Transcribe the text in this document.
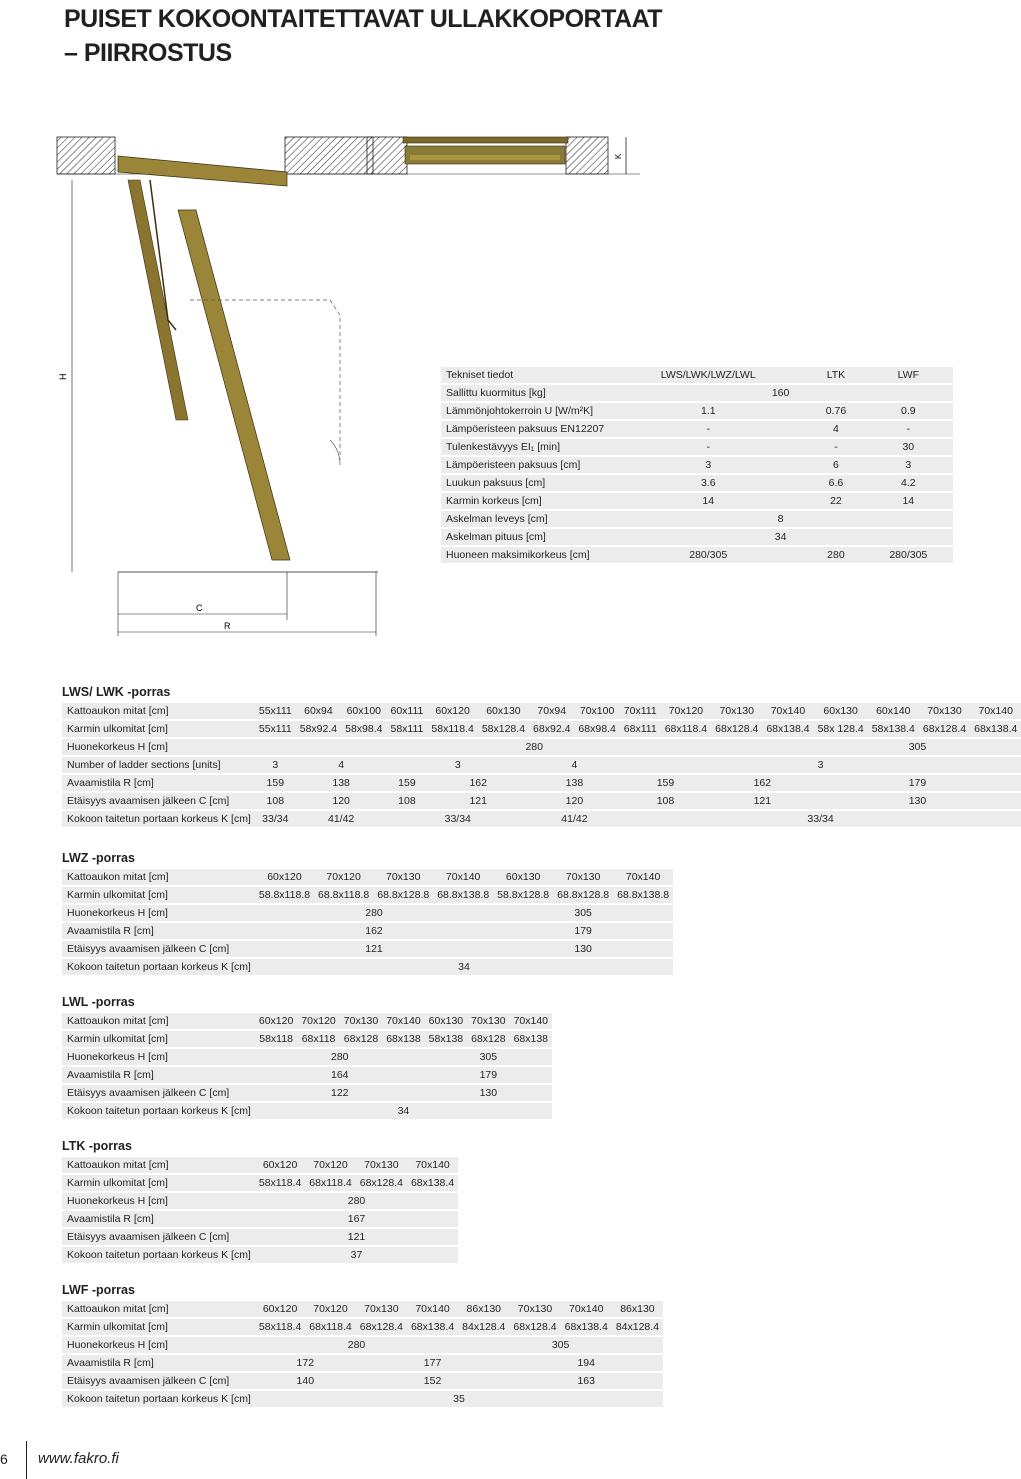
PUISET KOKOONTAITETTAVAT ULLAKKOPORTAAT
– PIIRROSTUS
K
H
C
R
Tekniset tiedot	LWS/LWK/LWZ/LWL	LTK	LWF
Sallittu kuormitus [kg]	160		
Lämmönjohtokerroin U [W/m²K]	1.1	0.76	0.9
Lämpöeristeen paksuus EN12207	-	4	-
Tulenkestävyys EI₁ [min]	-	-	30
Lämpöeristeen paksuus [cm]	3	6	3
Luukun paksuus [cm]	3.6	6.6	4.2
Karmin korkeus [cm]	14	22	14
Askelman leveys [cm]	8		
Askelman pituus [cm]	34		
Huoneen maksimikorkeus [cm]	280/305	280	280/305
LWS/ LWK -porras
Kattoaukon mitat [cm]	55x111	60x94	60x100	60x111	60x120	60x130	70x94	70x100	70x111	70x120	70x130	70x140	60x130	60x140	70x130	70x140
Karmin ulkomitat [cm]	55x111	58x92.4	58x98.4	58x111	58x118.4	58x128.4	68x92.4	68x98.4	68x111	68x118.4	68x128.4	68x138.4	58x 128.4	58x138.4	68x128.4	68x138.4
Huonekorkeus H [cm]	280												305			
Number of ladder sections [units]	3	4		3			4		3							
Avaamistila R [cm]	159	138		159	162		138		159		162		179			
Etäisyys avaamisen jälkeen C [cm]	108	120		108	121		120		108		121		130			
Kokoon taitetun portaan korkeus K [cm]	33/34	41/42		33/34			41/42		33/34							
LWZ -porras
Kattoaukon mitat [cm]	60x120	70x120	70x130	70x140	60x130	70x130	70x140
Karmin ulkomitat [cm]	58.8x118.8	68.8x118.8	68.8x128.8	68.8x138.8	58.8x128.8	68.8x128.8	68.8x138.8
Huonekorkeus H [cm]	280				305		
Avaamistila R [cm]	162				179		
Etäisyys avaamisen jälkeen C [cm]	121				130		
Kokoon taitetun portaan korkeus K [cm]	34						
LWL -porras
Kattoaukon mitat [cm]	60x120	70x120	70x130	70x140	60x130	70x130	70x140
Karmin ulkomitat [cm]	58x118	68x118	68x128	68x138	58x138	68x128	68x138
Huonekorkeus H [cm]	280				305		
Avaamistila R [cm]	164				179		
Etäisyys avaamisen jälkeen C [cm]	122				130		
Kokoon taitetun portaan korkeus K [cm]	34						
LTK -porras
Kattoaukon mitat [cm]	60x120	70x120	70x130	70x140
Karmin ulkomitat [cm]	58x118.4	68x118.4	68x128.4	68x138.4
Huonekorkeus H [cm]	280			
Avaamistila R [cm]	167			
Etäisyys avaamisen jälkeen C [cm]	121			
Kokoon taitetun portaan korkeus K [cm]	37			
LWF -porras
Kattoaukon mitat [cm]	60x120	70x120	70x130	70x140	86x130	70x130	70x140	86x130
Karmin ulkomitat [cm]	58x118.4	68x118.4	68x128.4	68x138.4	84x128.4	68x128.4	68x138.4	84x128.4
Huonekorkeus H [cm]	280				305			
Avaamistila R [cm]	172		177			194		
Etäisyys avaamisen jälkeen C [cm]	140		152			163		
Kokoon taitetun portaan korkeus K [cm]	35							
6 www.fakro.fi
